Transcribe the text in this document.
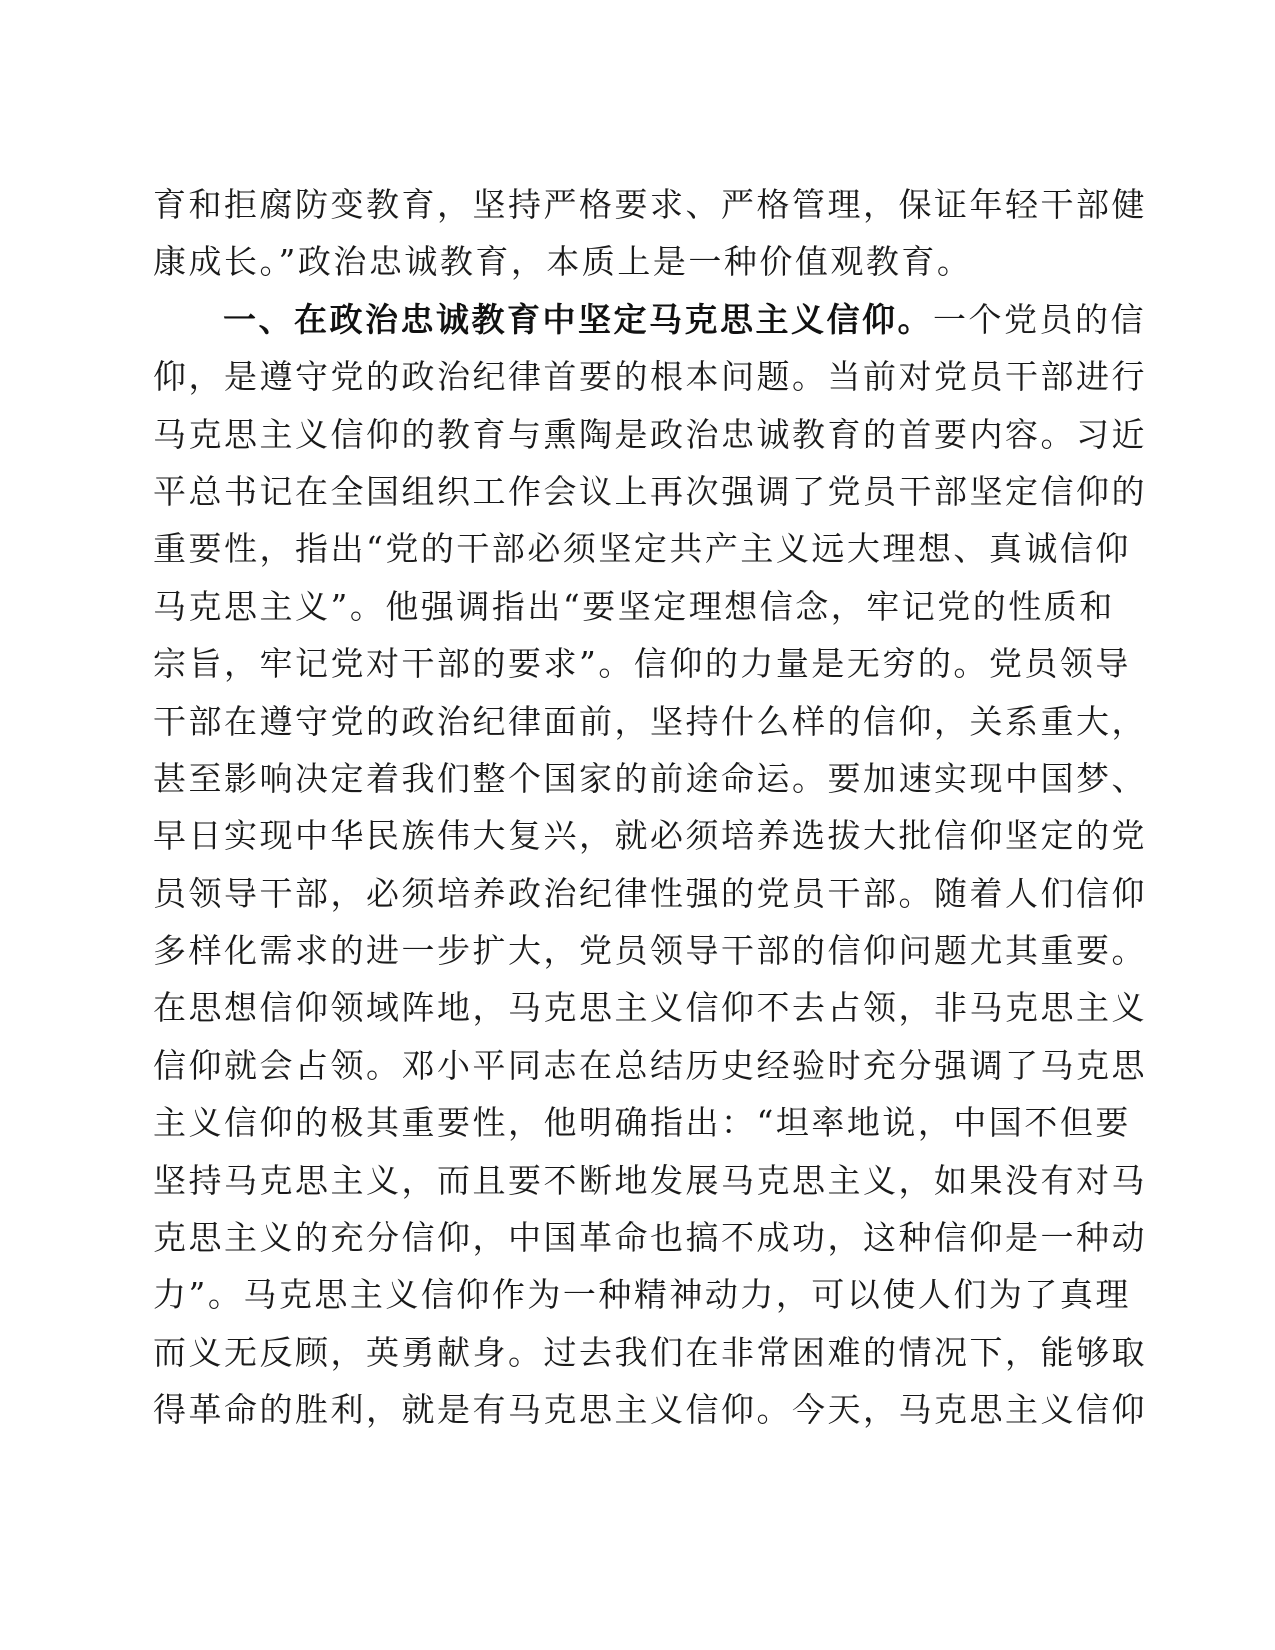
育和拒腐防变教育，坚持严格要求、严格管理，保证年轻干部健
康成长。”政治忠诚教育，本质上是一种价值观教育。
一、在政治忠诚教育中坚定马克思主义信仰。一个党员的信
仰，是遵守党的政治纪律首要的根本问题。当前对党员干部进行
马克思主义信仰的教育与熏陶是政治忠诚教育的首要内容。习近
平总书记在全国组织工作会议上再次强调了党员干部坚定信仰的
重要性，指出“党的干部必须坚定共产主义远大理想、真诚信仰
马克思主义”。他强调指出“要坚定理想信念，牢记党的性质和
宗旨，牢记党对干部的要求”。信仰的力量是无穷的。党员领导
干部在遵守党的政治纪律面前，坚持什么样的信仰，关系重大，
甚至影响决定着我们整个国家的前途命运。要加速实现中国梦、
早日实现中华民族伟大复兴，就必须培养选拔大批信仰坚定的党
员领导干部，必须培养政治纪律性强的党员干部。随着人们信仰
多样化需求的进一步扩大，党员领导干部的信仰问题尤其重要。
在思想信仰领域阵地，马克思主义信仰不去占领，非马克思主义
信仰就会占领。邓小平同志在总结历史经验时充分强调了马克思
主义信仰的极其重要性，他明确指出：“坦率地说，中国不但要
坚持马克思主义，而且要不断地发展马克思主义，如果没有对马
克思主义的充分信仰，中国革命也搞不成功，这种信仰是一种动
力”。马克思主义信仰作为一种精神动力，可以使人们为了真理
而义无反顾，英勇献身。过去我们在非常困难的情况下，能够取
得革命的胜利，就是有马克思主义信仰。今天，马克思主义信仰
